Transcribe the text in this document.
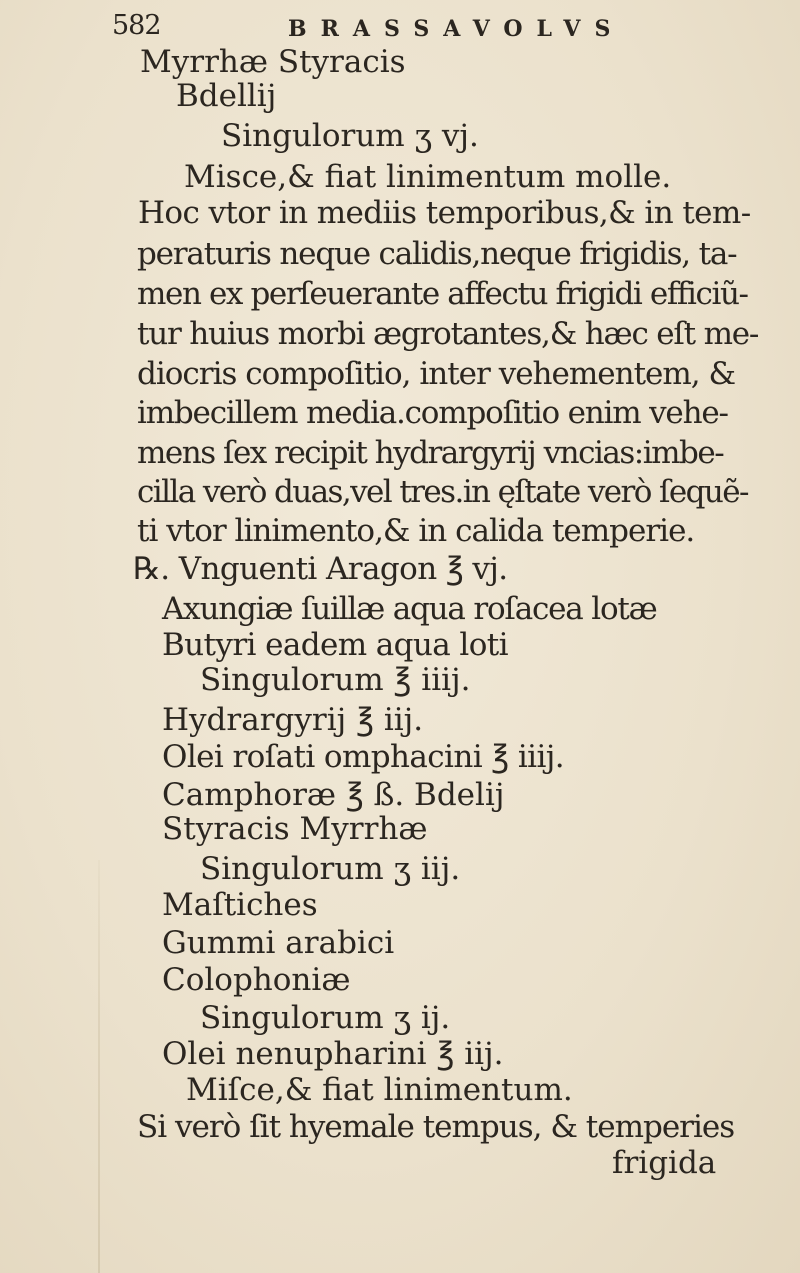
582	BRASSAVOLVS
Myrrhæ Styracis
Bdellij
Singulorum ʒ vj.
Misce,& fiat linimentum molle.
Hoc vtor in mediis temporibus,& in tem-
peraturis neque calidis,neque frigidis, ta-
men ex perſeuerante affectu frigidi efficiũ-
tur huius morbi ægrotantes,& hæc eſt me-
diocris compoſitio, inter vehementem, &
imbecillem media.compoſitio enim vehe-
mens ſex recipit hydrargyrij vncias:imbe-
cilla verò duas,vel tres.in ęſtate verò ſequẽ-
ti vtor linimento,& in calida temperie.
℞. Vnguenti Aragon ℥ vj.
Axungiæ ſuillæ aqua roſacea lotæ
Butyri eadem aqua loti
Singulorum ℥ iiij.
Hydrargyrij ℥ iij.
Olei roſati omphacini ℥ iiij.
Camphoræ ℥ ß. Bdelij
Styracis Myrrhæ
Singulorum ʒ iij.
Maſtiches
Gummi arabici
Colophoniæ
Singulorum ʒ ij.
Olei nenupharini ℥ iij.
Miſce,& fiat linimentum.
Si verò ſit hyemale tempus, & temperies
frigida
